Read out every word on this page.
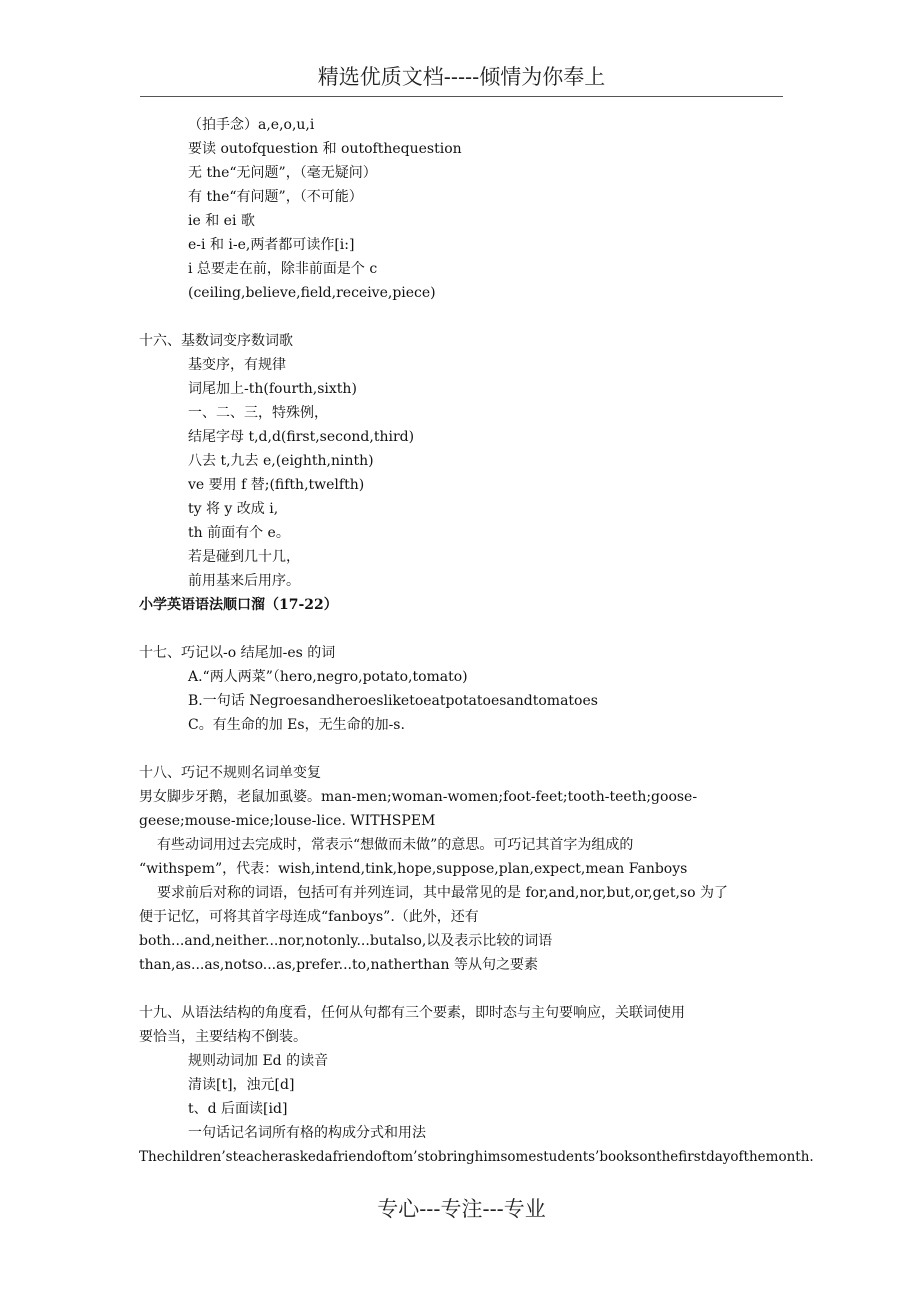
精选优质文档-----倾情为你奉上
（拍手念）a,e,o,u,i
要读 outofquestion 和 outofthequestion
无 the“无问题”，（毫无疑问）
有 the“有问题”，（不可能）
ie 和 ei 歌
e-i 和 i-e,两者都可读作[i:]
i 总要走在前，除非前面是个 c
(ceiling,believe,field,receive,piece)
十六、基数词变序数词歌
基变序，有规律
词尾加上-th(fourth,sixth)
一、二、三，特殊例，
结尾字母 t,d,d(first,second,third)
八去 t,九去 e,(eighth,ninth)
ve 要用 f 替;(fifth,twelfth)
ty 将 y 改成 i,
th 前面有个 e。
若是碰到几十几，
前用基来后用序。
小学英语语法顺口溜（17-22）
十七、巧记以-o 结尾加-es 的词
A.“两人两菜”（hero,negro,potato,tomato)
B.一句话 Negroesandheroesliketoeatpotatoesandtomatoes
C。有生命的加 Es，无生命的加-s.
十八、巧记不规则名词单变复
男女脚步牙鹅，老鼠加虱婆。man-men;woman-women;foot-feet;tooth-teeth;goose-
geese;mouse-mice;louse-lice. WITHSPEM
有些动词用过去完成时，常表示“想做而未做”的意思。可巧记其首字为组成的
“withspem”，代表：wish,intend,tink,hope,suppose,plan,expect,mean Fanboys
要求前后对称的词语，包括可有并列连词，其中最常见的是 for,and,nor,but,or,get,so 为了
便于记忆，可将其首字母连成“fanboys”.（此外，还有
both...and,neither...nor,notonly...butalso,以及表示比较的词语
than,as...as,notso...as,prefer...to,natherthan 等从句之要素
十九、从语法结构的角度看，任何从句都有三个要素，即时态与主句要响应，关联词使用
要恰当，主要结构不倒装。
规则动词加 Ed 的读音
清读[t]，浊元[d]
t、d 后面读[id]
一句话记名词所有格的构成分式和用法
Thechildren’steacheraskedafriendoftom’stobringhimsomestudents’booksonthefirstdayofthemonth.
专心---专注---专业
